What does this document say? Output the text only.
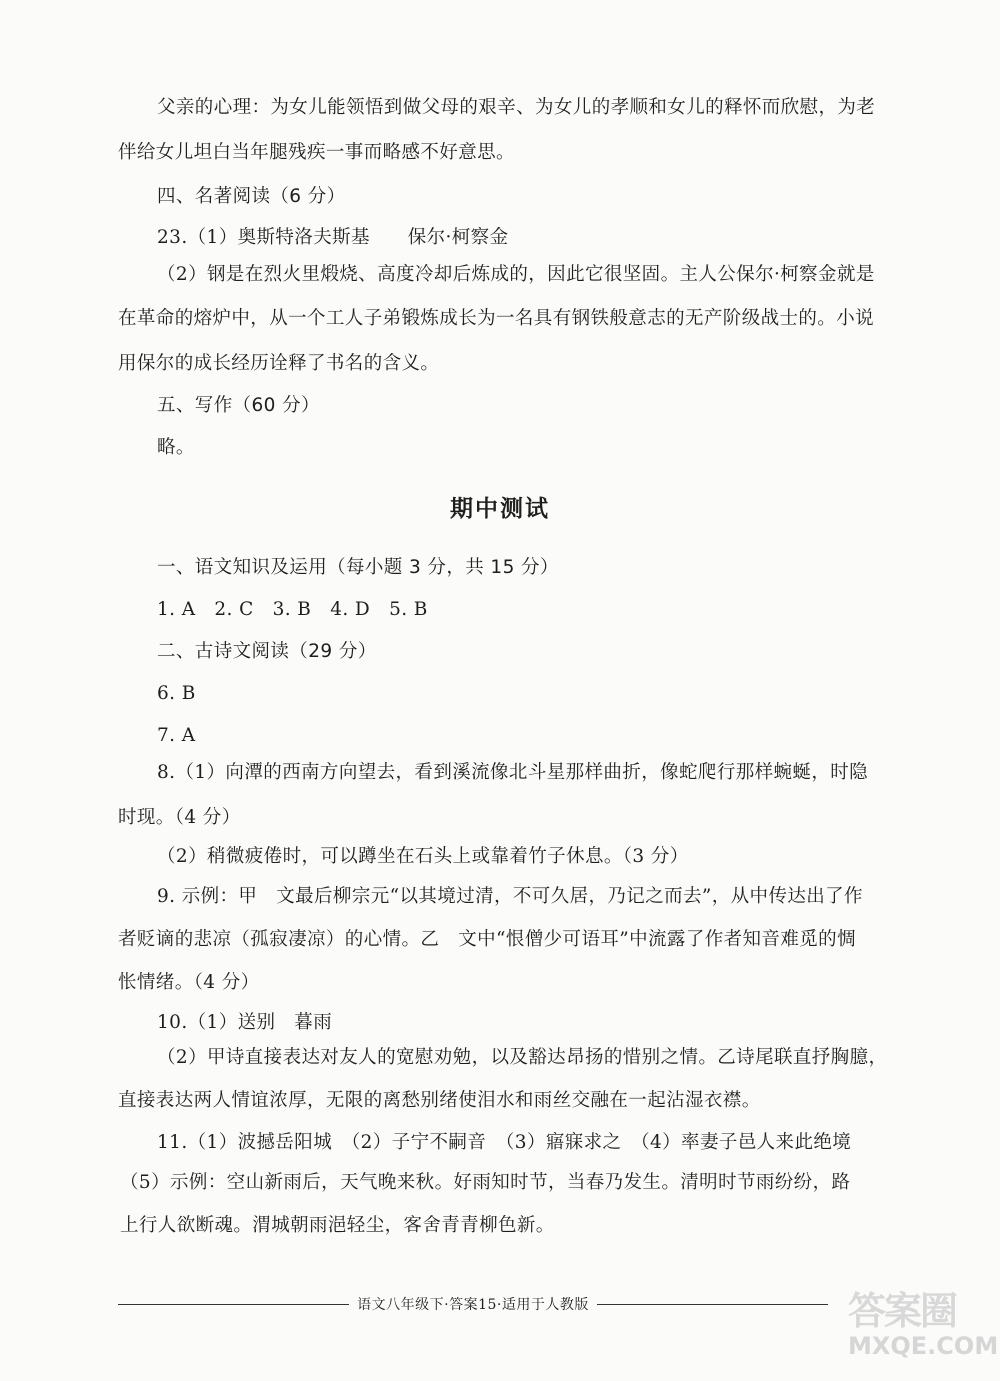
父亲的心理：为女儿能领悟到做父母的艰辛、为女儿的孝顺和女儿的释怀而欣慰，为老
伴给女儿坦白当年腿残疾一事而略感不好意思。
四、名著阅读（6 分）
23.（1）奥斯特洛夫斯基　　保尔·柯察金
（2）钢是在烈火里煅烧、高度冷却后炼成的，因此它很坚固。主人公保尔·柯察金就是
在革命的熔炉中，从一个工人子弟锻炼成长为一名具有钢铁般意志的无产阶级战士的。小说
用保尔的成长经历诠释了书名的含义。
五、写作（60 分）
略。
期中测试
一、语文知识及运用（每小题 3 分，共 15 分）
1. A　2. C　3. B　4. D　5. B
二、古诗文阅读（29 分）
6. B
7. A
8.（1）向潭的西南方向望去，看到溪流像北斗星那样曲折，像蛇爬行那样蜿蜒，时隐
时现。（4 分）
（2）稍微疲倦时，可以蹲坐在石头上或靠着竹子休息。（3 分）
9. 示例：甲　文最后柳宗元“以其境过清，不可久居，乃记之而去”，从中传达出了作
者贬谪的悲凉（孤寂凄凉）的心情。乙　文中“恨僧少可语耳”中流露了作者知音难觅的惆
怅情绪。（4 分）
10.（1）送别　暮雨
（2）甲诗直接表达对友人的宽慰劝勉，以及豁达昂扬的惜别之情。乙诗尾联直抒胸臆，
直接表达两人情谊浓厚，无限的离愁别绪使泪水和雨丝交融在一起沾湿衣襟。
11.（1）波撼岳阳城　（2）子宁不嗣音　（3）寤寐求之　（4）率妻子邑人来此绝境
（5）示例：空山新雨后，天气晚来秋。好雨知时节，当春乃发生。清明时节雨纷纷，路
上行人欲断魂。渭城朝雨浥轻尘，客舍青青柳色新。
语文八年级下·答案15·适用于人教版	答案圈
MXQE.COM
